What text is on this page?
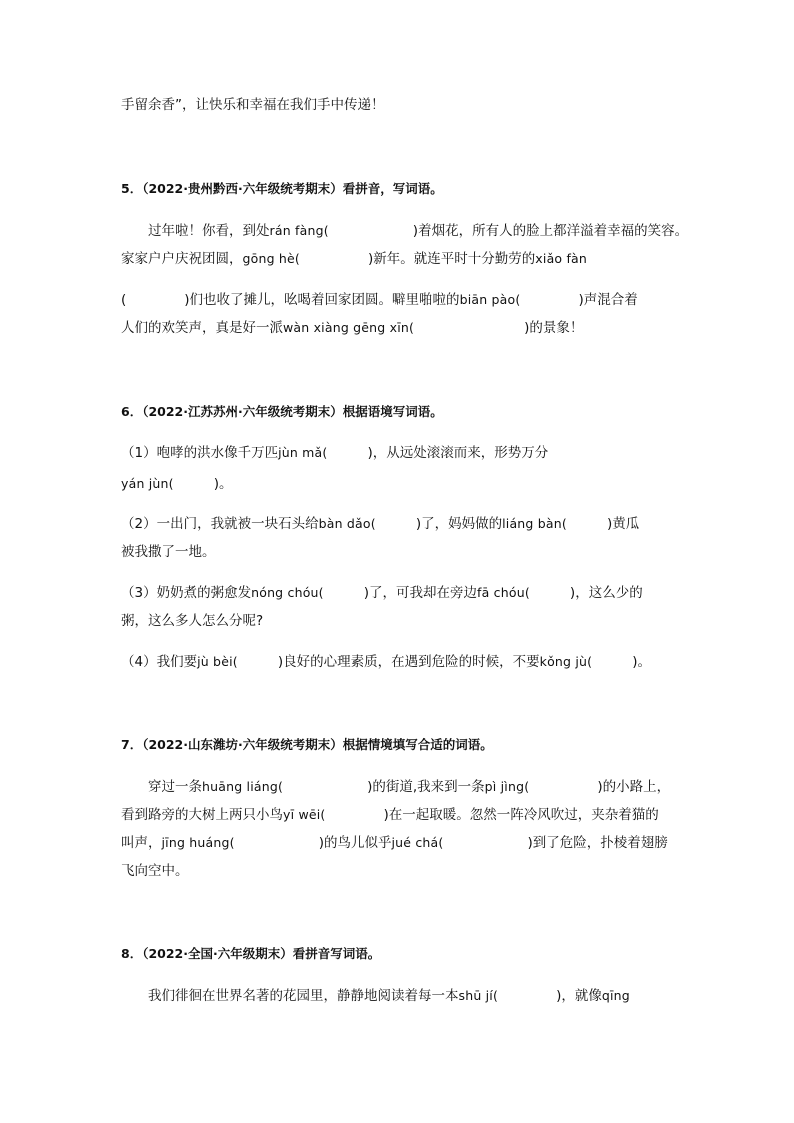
手留余香”，让快乐和幸福在我们手中传递！
5．（2022·贵州黔西·六年级统考期末）看拼音，写词语。
过年啦！你看，到处rán fàng(	)着烟花，所有人的脸上都洋溢着幸福的笑容。
家家户户庆祝团圆，gōng hè(	)新年。就连平时十分勤劳的xiǎo fàn
(	)们也收了摊儿，吆喝着回家团圆。噼里啪啦的biān pào(	)声混合着
人们的欢笑声，真是好一派wàn xiàng gēng xīn(	)的景象！
6．（2022·江苏苏州·六年级统考期末）根据语境写词语。
（1）咆哮的洪水像千万匹jùn mǎ(	)，从远处滚滚而来，形势万分
yán jùn(	)。
（2）一出门，我就被一块石头给bàn dǎo(	)了，妈妈做的liáng bàn(	)黄瓜
被我撒了一地。
（3）奶奶煮的粥愈发nóng chóu(	)了，可我却在旁边fā chóu(	)，这么少的
粥，这么多人怎么分呢?
（4）我们要jù bèi(	)良好的心理素质，在遇到危险的时候，不要kǒng jù(	)。
7．（2022·山东潍坊·六年级统考期末）根据情境填写合适的词语。
穿过一条huāng liáng(	)的街道,我来到一条pì jìng(	)的小路上，
看到路旁的大树上两只小鸟yī wēi(	)在一起取暖。忽然一阵冷风吹过，夹杂着猫的
叫声，jīng huáng(	)的鸟儿似乎jué chá(	)到了危险，扑棱着翅膀
飞向空中。
8．（2022·全国·六年级期末）看拼音写词语。
我们徘徊在世界名著的花园里，静静地阅读着每一本shū jí(	)，就像qīng
